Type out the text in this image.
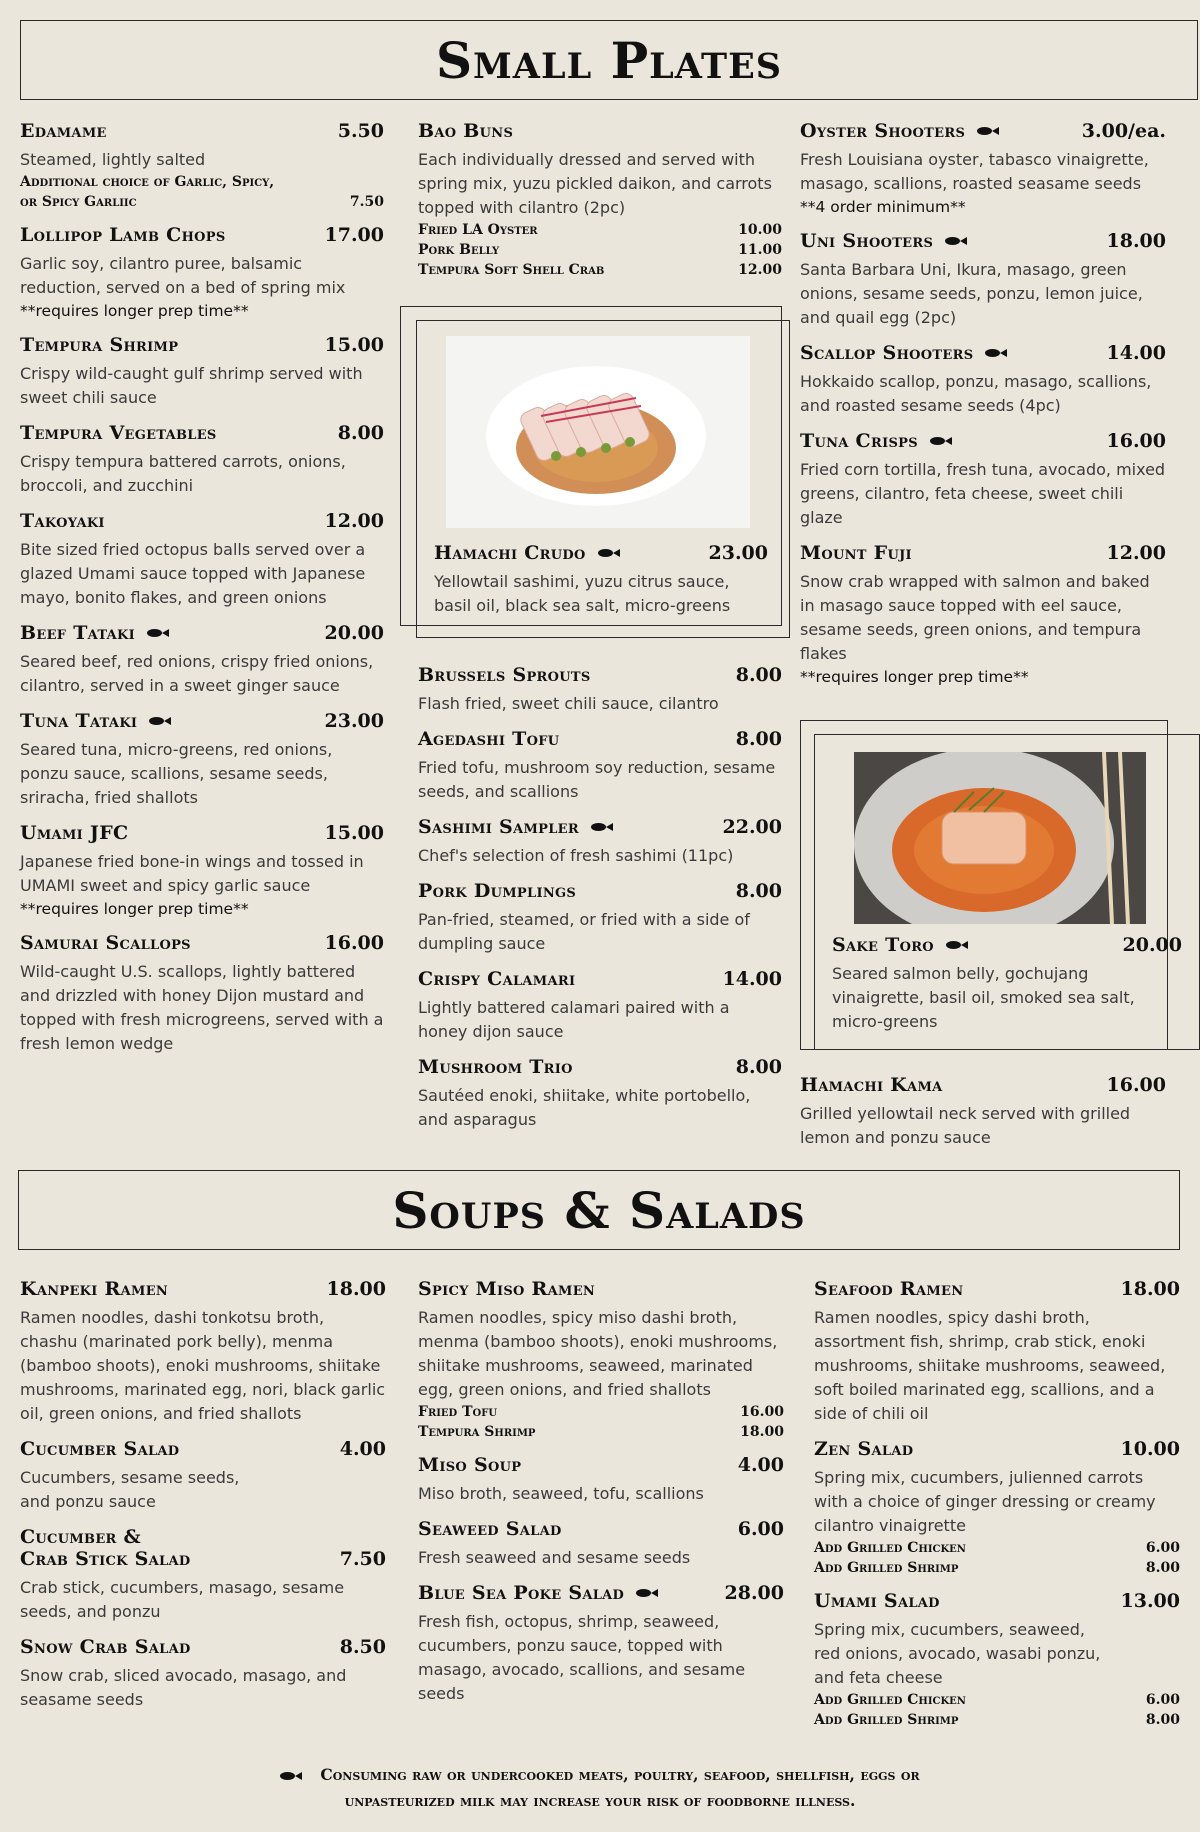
Small Plates
Edamame	5.50
Steamed, lightly salted
Additional choice of Garlic, Spicy,
or Spicy Garliic	7.50
Lollipop Lamb Chops	17.00
Garlic soy, cilantro puree, balsamic reduction, served on a bed of spring mix
**requires longer prep time**
Tempura Shrimp	15.00
Crispy wild-caught gulf shrimp served with sweet chili sauce
Tempura Vegetables	8.00
Crispy tempura battered carrots, onions, broccoli, and zucchini
Takoyaki	12.00
Bite sized fried octopus balls served over a glazed Umami sauce topped with Japanese mayo, bonito flakes, and green onions
Beef Tataki	20.00
Seared beef, red onions, crispy fried onions, cilantro, served in a sweet ginger sauce
Tuna Tataki	23.00
Seared tuna, micro-greens, red onions, ponzu sauce, scallions, sesame seeds, sriracha, fried shallots
Umami JFC	15.00
Japanese fried bone-in wings and tossed in UMAMI sweet and spicy garlic sauce
**requires longer prep time**
Samurai Scallops	16.00
Wild-caught U.S. scallops, lightly battered and drizzled with honey Dijon mustard and topped with fresh microgreens, served with a fresh lemon wedge
Bao Buns
Each individually dressed and served with spring mix, yuzu pickled daikon, and carrots topped with cilantro (2pc)
Fried LA Oyster	10.00
Pork Belly	11.00
Tempura Soft Shell Crab	12.00
Hamachi Crudo	23.00
Yellowtail sashimi, yuzu citrus sauce, basil oil, black sea salt, micro-greens
Brussels Sprouts	8.00
Flash fried, sweet chili sauce, cilantro
Agedashi Tofu	8.00
Fried tofu, mushroom soy reduction, sesame seeds, and scallions
Sashimi Sampler	22.00
Chef's selection of fresh sashimi (11pc)
Pork Dumplings	8.00
Pan-fried, steamed, or fried with a side of dumpling sauce
Crispy Calamari	14.00
Lightly battered calamari paired with a honey dijon sauce
Mushroom Trio	8.00
Sautéed enoki, shiitake, white portobello, and asparagus
Oyster Shooters	3.00/ea.
Fresh Louisiana oyster, tabasco vinaigrette, masago, scallions, roasted seasame seeds
**4 order minimum**
Uni Shooters	18.00
Santa Barbara Uni, Ikura, masago, green onions, sesame seeds, ponzu, lemon juice, and quail egg (2pc)
Scallop Shooters	14.00
Hokkaido scallop, ponzu, masago, scallions, and roasted sesame seeds (4pc)
Tuna Crisps	16.00
Fried corn tortilla, fresh tuna, avocado, mixed greens, cilantro, feta cheese, sweet chili glaze
Mount Fuji	12.00
Snow crab wrapped with salmon and baked in masago sauce topped with eel sauce, sesame seeds, green onions, and tempura flakes
**requires longer prep time**
Sake Toro	20.00
Seared salmon belly, gochujang vinaigrette, basil oil, smoked sea salt, micro-greens
Hamachi Kama	16.00
Grilled yellowtail neck served with grilled lemon and ponzu sauce
Soups & Salads
Kanpeki Ramen	18.00
Ramen noodles, dashi tonkotsu broth, chashu (marinated pork belly), menma (bamboo shoots), enoki mushrooms, shiitake mushrooms, marinated egg, nori, black garlic oil, green onions, and fried shallots
Cucumber Salad	4.00
Cucumbers, sesame seeds, and ponzu sauce
Cucumber &
Crab Stick Salad	7.50
Crab stick, cucumbers, masago, sesame seeds, and ponzu
Snow Crab Salad	8.50
Snow crab, sliced avocado, masago, and seasame seeds
Spicy Miso Ramen
Ramen noodles, spicy miso dashi broth, menma (bamboo shoots), enoki mushrooms, shiitake mushrooms, seaweed, marinated egg, green onions, and fried shallots
Fried Tofu	16.00
Tempura Shrimp	18.00
Miso Soup	4.00
Miso broth, seaweed, tofu, scallions
Seaweed Salad	6.00
Fresh seaweed and sesame seeds
Blue Sea Poke Salad	28.00
Fresh fish, octopus, shrimp, seaweed, cucumbers, ponzu sauce, topped with masago, avocado, scallions, and sesame seeds
Seafood Ramen	18.00
Ramen noodles, spicy dashi broth, assortment fish, shrimp, crab stick, enoki mushrooms, shiitake mushrooms, seaweed, soft boiled marinated egg, scallions, and a side of chili oil
Zen Salad	10.00
Spring mix, cucumbers, julienned carrots with a choice of ginger dressing or creamy cilantro vinaigrette
Add Grilled Chicken	6.00
Add Grilled Shrimp	8.00
Umami Salad	13.00
Spring mix, cucumbers, seaweed, red onions, avocado, wasabi ponzu, and feta cheese
Add Grilled Chicken	6.00
Add Grilled Shrimp	8.00
Consuming raw or undercooked meats, poultry, seafood, shellfish, eggs or
unpasteurized milk may increase your risk of foodborne illness.
